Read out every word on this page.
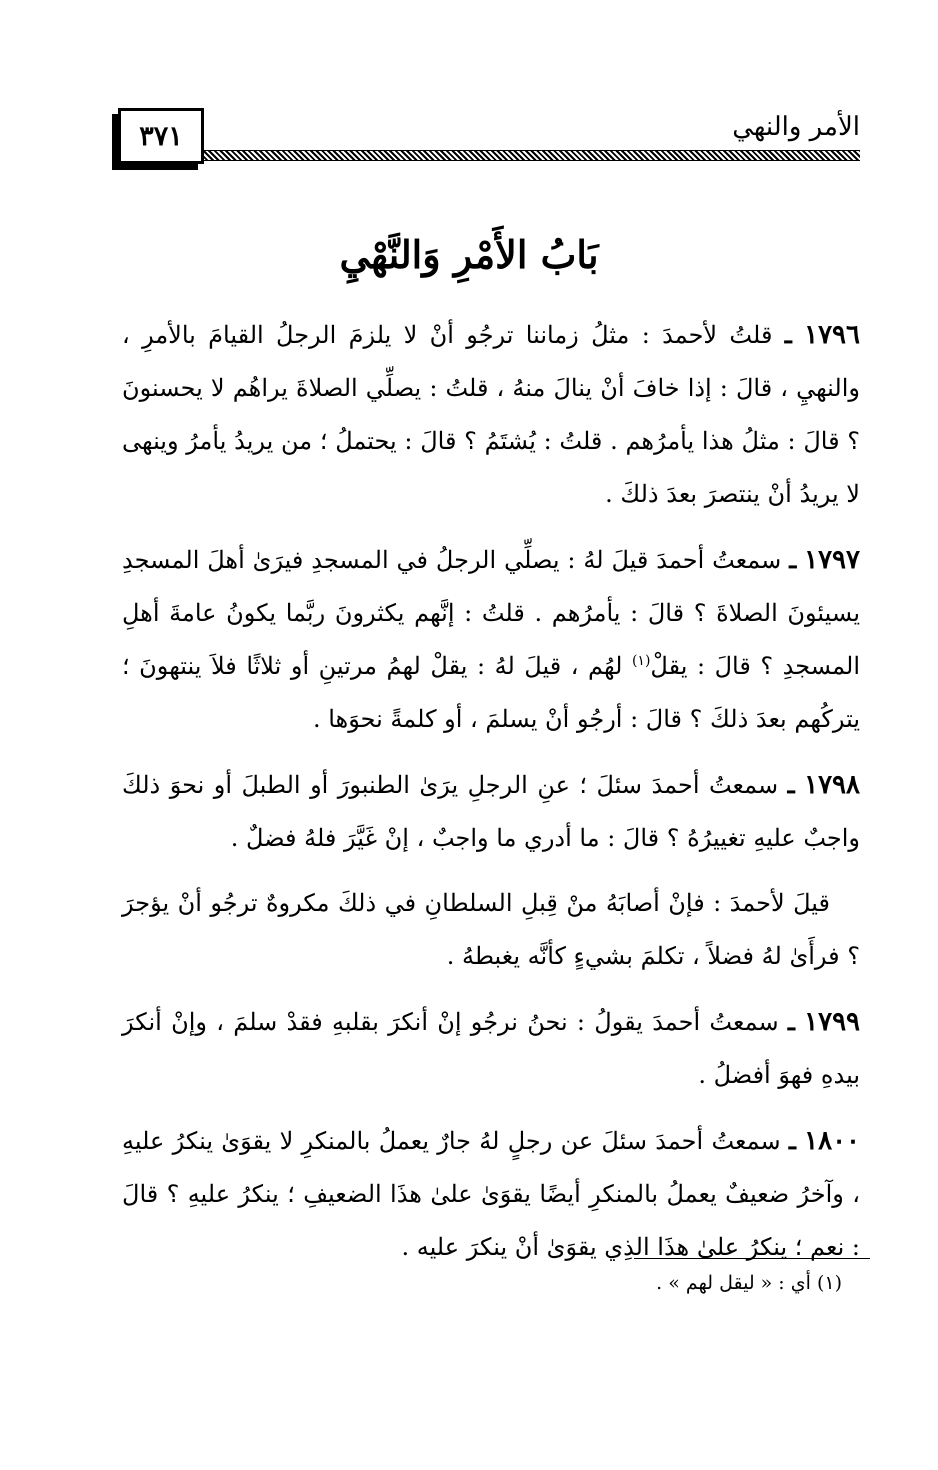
الأمر والنهي
٣٧١
بَابُ الأَمْرِ وَالنَّهْيِ

١٧٩٦ ـ قلتُ لأحمدَ : مثلُ زماننا ترجُو أنْ لا يلزمَ الرجلُ القيامَ بالأمرِ ، والنهيِ ، قالَ : إذا خافَ أنْ ينالَ منهُ ، قلتُ : يصلِّي الصلاةَ يراهُم لا يحسنونَ ؟ قالَ : مثلُ هذا يأمرُهم . قلتُ : يُشتَمُ ؟ قالَ : يحتملُ ؛ من يريدُ يأمرُ وينهى لا يريدُ أنْ ينتصرَ بعدَ ذلكَ .

١٧٩٧ ـ سمعتُ أحمدَ قيلَ لهُ : يصلِّي الرجلُ في المسجدِ فيرَىٰ أهلَ المسجدِ يسيئونَ الصلاةَ ؟ قالَ : يأمرُهم . قلتُ : إنَّهم يكثرونَ ربَّما يكونُ عامةَ أهلِ المسجدِ ؟ قالَ : يقلْ$^{(١)}$ لهُم ، قيلَ لهُ : يقلْ لهمُ مرتينِ أو ثلاثًا فلاَ ينتهونَ ؛ يتركُهم بعدَ ذلكَ ؟ قالَ : أرجُو أنْ يسلمَ ، أو كلمةً نحوَها .

١٧٩٨ ـ سمعتُ أحمدَ سئلَ ؛ عنِ الرجلِ يرَىٰ الطنبورَ أو الطبلَ أو نحوَ ذلكَ واجبٌ عليهِ تغييرُهُ ؟ قالَ : ما أدري ما واجبٌ ، إنْ غَيَّرَ فلهُ فضلٌ .

قيلَ لأحمدَ : فإنْ أصابَهُ منْ قِبلِ السلطانِ في ذلكَ مكروهٌ ترجُو أنْ يؤجرَ ؟ فرأَىٰ لهُ فضلاً ، تكلمَ بشيءٍ كأنَّه يغبطهُ .

١٧٩٩ ـ سمعتُ أحمدَ يقولُ : نحنُ نرجُو إنْ أنكرَ بقلبهِ فقدْ سلمَ ، وإنْ أنكرَ بيدهِ فهوَ أفضلُ .

١٨٠٠ ـ سمعتُ أحمدَ سئلَ عن رجلٍ لهُ جارٌ يعملُ بالمنكرِ لا يقوَىٰ ينكرُ عليهِ ، وآخرُ ضعيفٌ يعملُ بالمنكرِ أيضًا يقوَىٰ علىٰ هذَا الضعيفِ ؛ ينكرُ عليهِ ؟ قالَ : نعم ؛ ينكرُ علىٰ هذَا الذِي يقوَىٰ أنْ ينكرَ عليه .

(١) أي : « ليقل لهم » .
